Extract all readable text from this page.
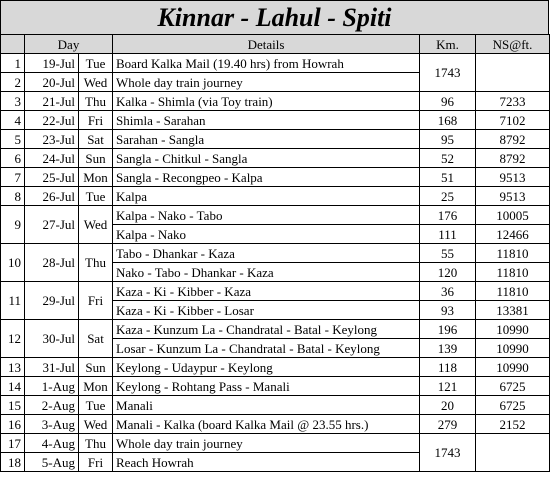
Kinnar - Lahul - Spiti
	Day		Details	Km.	NS@ft.
1	19-Jul	Tue	Board Kalka Mail (19.40 hrs) from Howrah	1743	
2	20-Jul	Wed	Whole day train journey		
3	21-Jul	Thu	Kalka - Shimla (via Toy train)	96	7233
4	22-Jul	Fri	Shimla - Sarahan	168	7102
5	23-Jul	Sat	Sarahan - Sangla	95	8792
6	24-Jul	Sun	Sangla - Chitkul - Sangla	52	8792
7	25-Jul	Mon	Sangla - Recongpeo - Kalpa	51	9513
8	26-Jul	Tue	Kalpa	25	9513
9	27-Jul	Wed	Kalpa - Nako - Tabo	176	10005
			Kalpa - Nako	111	12466
10	28-Jul	Thu	Tabo - Dhankar - Kaza	55	11810
			Nako - Tabo - Dhankar - Kaza	120	11810
11	29-Jul	Fri	Kaza - Ki - Kibber - Kaza	36	11810
			Kaza - Ki - Kibber - Losar	93	13381
12	30-Jul	Sat	Kaza - Kunzum La - Chandratal - Batal - Keylong	196	10990
			Losar - Kunzum La - Chandratal - Batal - Keylong	139	10990
13	31-Jul	Sun	Keylong - Udaypur - Keylong	118	10990
14	1-Aug	Mon	Keylong - Rohtang Pass - Manali	121	6725
15	2-Aug	Tue	Manali	20	6725
16	3-Aug	Wed	Manali - Kalka (board Kalka Mail @ 23.55 hrs.)	279	2152
17	4-Aug	Thu	Whole day train journey	1743	
18	5-Aug	Fri	Reach Howrah		
